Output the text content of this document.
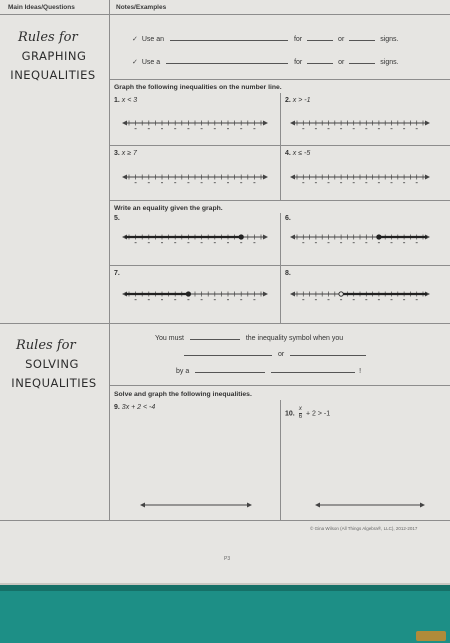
Main Ideas/Questions	Notes/Examples
Rules for
GRAPHING
INEQUALITIES
✓ Use an	for	or	signs.
✓ Use a	for	or	signs.
Graph the following inequalities on the number line.
1. x < 3	2. x > -1
3. x ≥ 7	4. x ≤ -5
Write an equality given the graph.
5.	6.
7.	8.
Rules for
SOLVING
INEQUALITIES
You must	the inequality symbol when you
or
by a	!
Solve and graph the following inequalities.
9. 3x + 2 < -4
10. $\frac{x}{6} + 2 > -1$
© Gina Wilson (All Things Algebra®, LLC), 2012-2017
P3
